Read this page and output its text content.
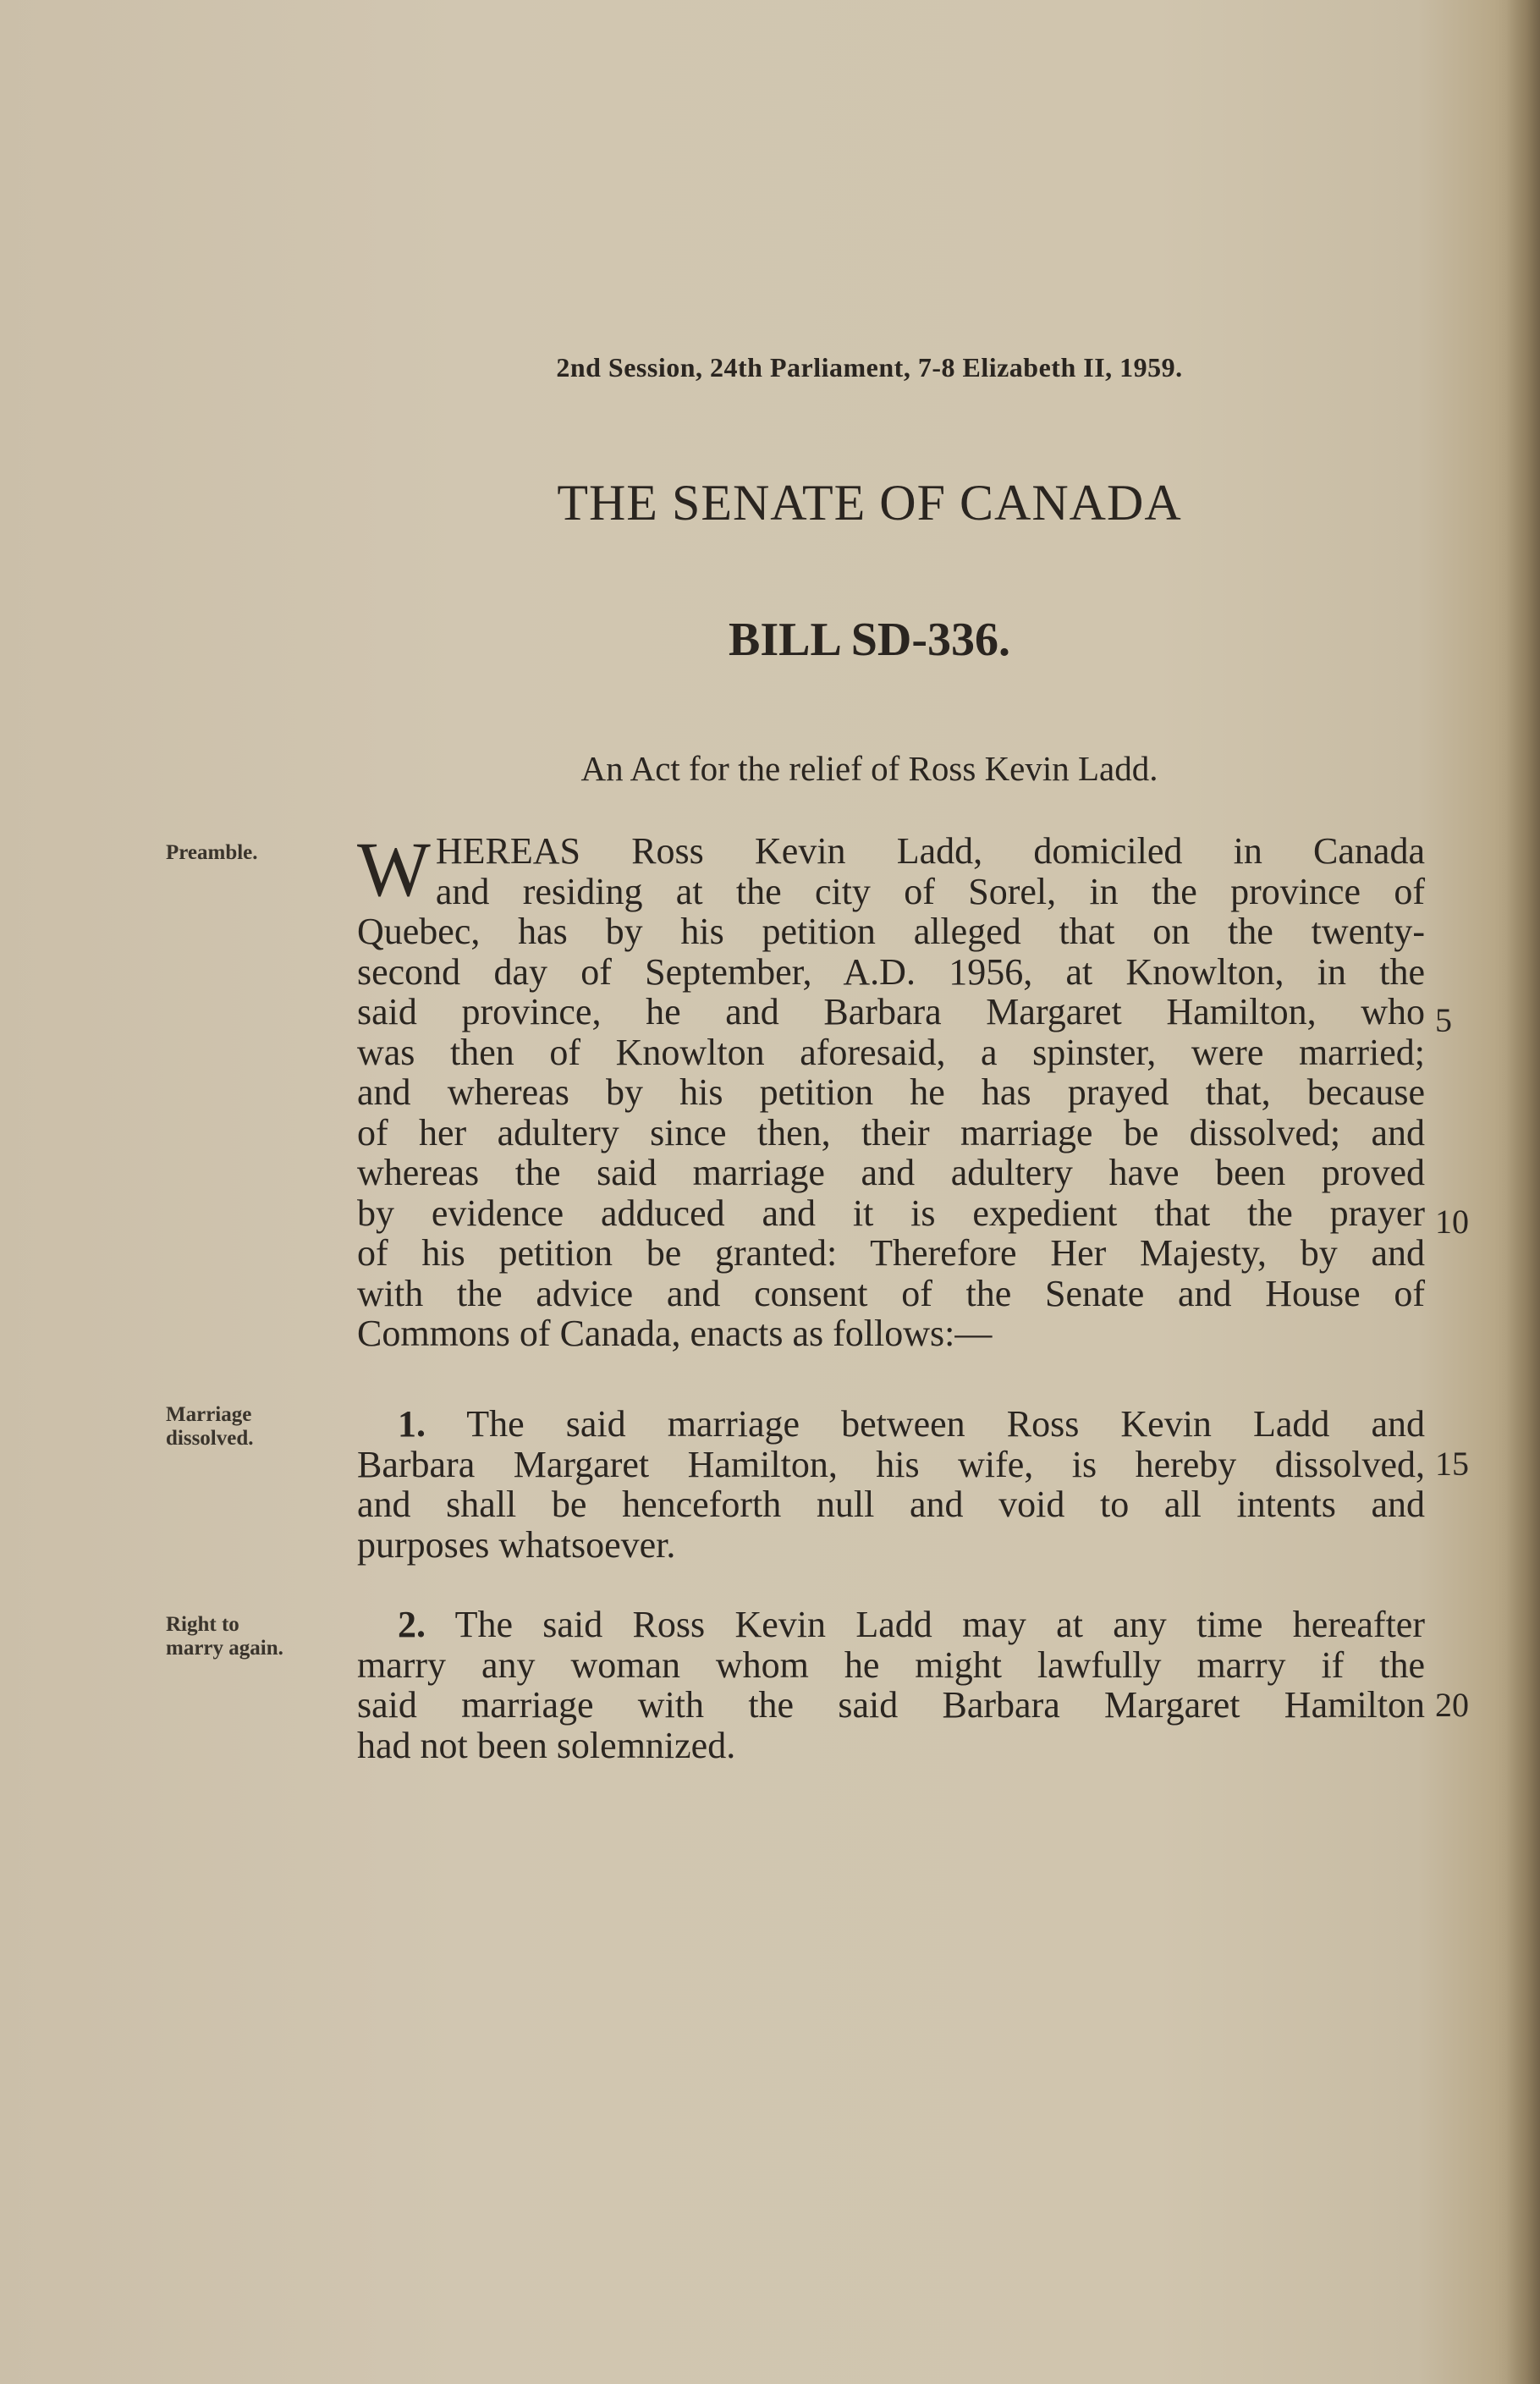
2nd Session, 24th Parliament, 7-8 Elizabeth II, 1959.
THE SENATE OF CANADA
BILL SD-336.
An Act for the relief of Ross Kevin Ladd.
Preamble.
Marriage
dissolved.
Right to
marry again.
W HEREAS Ross Kevin Ladd, domiciled in Canada
and residing at the city of Sorel, in the province of
Quebec, has by his petition alleged that on the twenty-
second day of September, A.D. 1956, at Knowlton, in the
said province, he and Barbara Margaret Hamilton, who
was then of Knowlton aforesaid, a spinster, were married;
and whereas by his petition he has prayed that, because
of her adultery since then, their marriage be dissolved; and
whereas the said marriage and adultery have been proved
by evidence adduced and it is expedient that the prayer
of his petition be granted: Therefore Her Majesty, by and
with the advice and consent of the Senate and House of
Commons of Canada, enacts as follows:—
1. The said marriage between Ross Kevin Ladd and
Barbara Margaret Hamilton, his wife, is hereby dissolved,
and shall be henceforth null and void to all intents and
purposes whatsoever.
2. The said Ross Kevin Ladd may at any time hereafter
marry any woman whom he might lawfully marry if the
said marriage with the said Barbara Margaret Hamilton
had not been solemnized.
5
10
15
20
